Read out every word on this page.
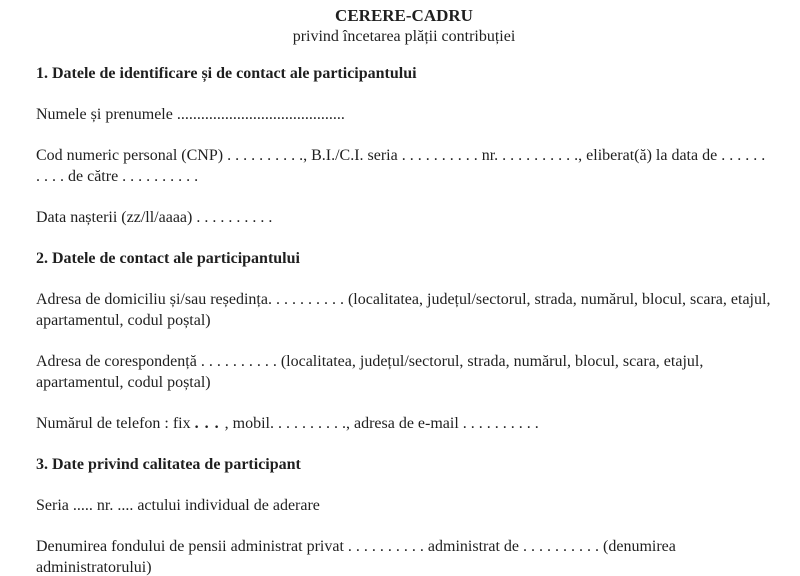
CERERE-CADRU

privind încetarea plății contribuției

1. Datele de identificare și de contact ale participantului

Numele și prenumele ..........................................

Cod numeric personal (CNP) . . . . . . . . . ., B.I./C.I. seria . . . . . . . . . . nr. . . . . . . . . . ., eliberat(ă) la data de . . . . . . . . . . de către . . . . . . . . . .

Data nașterii (zz/ll/aaaa) . . . . . . . . . .

2. Datele de contact ale participantului

Adresa de domiciliu și/sau reședința. . . . . . . . . . (localitatea, județul/sectorul, strada, numărul, blocul, scara, etajul, apartamentul, codul poștal)

Adresa de corespondență . . . . . . . . . . (localitatea, județul/sectorul, strada, numărul, blocul, scara, etajul, apartamentul, codul poștal)

Numărul de telefon : fix . . . , mobil. . . . . . . . . ., adresa de e-mail . . . . . . . . . .

3. Date privind calitatea de participant

Seria ..... nr. .... actului individual de aderare

Denumirea fondului de pensii administrat privat . . . . . . . . . . administrat de . . . . . . . . . . (denumirea administratorului)
